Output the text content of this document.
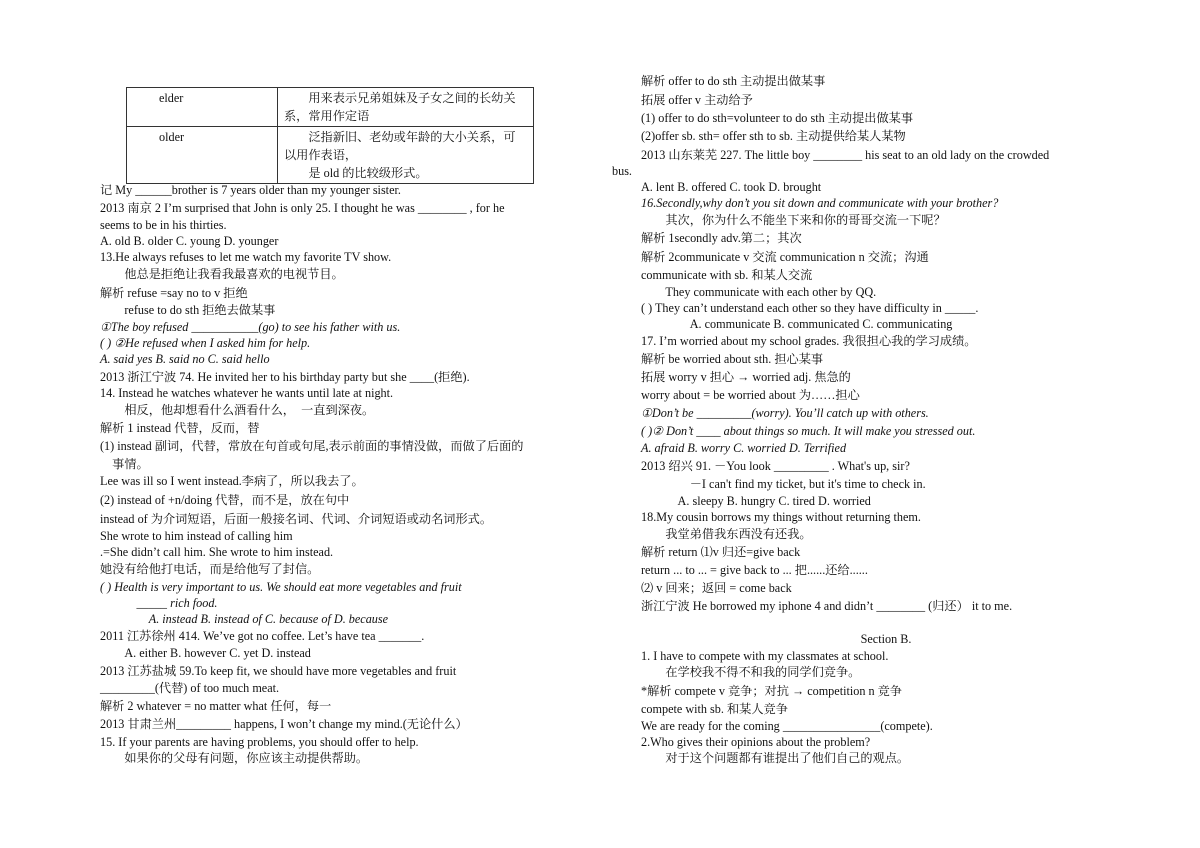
elder	　　用来表示兄弟姐妹及子女之间的长幼关
系，常用作定语

older	　　泛指新旧、老幼或年龄的大小关系，可
以用作表语，
　　是 old 的比较级形式。
记 My ______brother is 7 years older than my younger sister.
2013 南京 2 I’m surprised that John is only 25. I thought he was ________ , for he
seems to be in his thirties.
A. old B. older C. young D. younger
13.He always refuses to let me watch my favorite TV show.
　　他总是拒绝让我看我最喜欢的电视节目。
解析 refuse =say no to v 拒绝
　　refuse to do sth 拒绝去做某事
①The boy refused ___________(go) to see his father with us.
( ) ②He refused when I asked him for help.
A. said yes B. said no C. said hello
2013 浙江宁波 74. He invited her to his birthday party but she ____(拒绝).
14. Instead he watches whatever he wants until late at night.
　　相反，他却想看什么酒看什么，　一直到深夜。
解析 1 instead 代替，反而，替
(1) instead 副词，代替，常放在句首或句尾,表示前面的事情没做，而做了后面的
　事情。
Lee was ill so I went instead.李病了，所以我去了。
(2) instead of +n/doing 代替，而不是，放在句中
instead of 为介词短语，后面一般接名词、代词、介词短语或动名词形式。
She wrote to him instead of calling him
.=She didn’t call him. She wrote to him instead.
她没有给他打电话，而是给他写了封信。
( ) Health is very important to us. We should eat more vegetables and fruit
　　　_____ rich food.
　　　　A. instead B. instead of C. because of D. because
2011 江苏徐州 414. We’ve got no coffee. Let’s have tea _______.
　　A. either B. however C. yet D. instead
2013 江苏盐城 59.To keep fit, we should have more vegetables and fruit
_________(代替) of too much meat.
解析 2 whatever = no matter what 任何，每一
2013 甘肃兰州_________ happens, I won’t change my mind.(无论什么）
15. If your parents are having problems, you should offer to help.
　　如果你的父母有问题，你应该主动提供帮助。
解析 offer to do sth 主动提出做某事
拓展 offer v 主动给予
(1) offer to do sth=volunteer to do sth 主动提出做某事
(2)offer sb. sth= offer sth to sb. 主动提供给某人某物
2013 山东莱芜 227. The little boy ________ his seat to an old lady on the crowded
bus.
A. lent B. offered C. took D. brought
16.Secondly,why don’t you sit down and communicate with your brother?
　　其次，你为什么不能坐下来和你的哥哥交流一下呢？
解析 1secondly adv.第二；其次
解析 2communicate v 交流 communication n 交流；沟通
communicate with sb. 和某人交流
　　They communicate with each other by QQ.
( ) They can’t understand each other so they have difficulty in _____.
　　　　A. communicate B. communicated C. communicating
17. I’m worried about my school grades. 我很担心我的学习成绩。
解析 be worried about sth. 担心某事
拓展 worry v 担心 → worried adj. 焦急的
worry about = be worried about 为……担心
①Don’t be _________(worry). You’ll catch up with others.
( )② Don’t ____ about things so much. It will make you stressed out.
A. afraid B. worry C. worried D. Terrified
2013 绍兴 91. －You look _________ . What's up, sir?
　　　　－I can't find my ticket, but it's time to check in.
　　　A. sleepy B. hungry C. tired D. worried
18.My cousin borrows my things without returning them.
　　我堂弟借我东西没有还我。
解析 return ⑴v 归还=give back
return ... to ... = give back to ... 把......还给......
⑵ v 回来；返回 = come back
浙江宁波 He borrowed my iphone 4 and didn’t ________ (归还） it to me.
Section B.
1. I have to compete with my classmates at school.
　　在学校我不得不和我的同学们竞争。
*解析 compete v 竞争；对抗 → competition n 竞争
compete with sb. 和某人竞争
We are ready for the coming ________________(compete).
2.Who gives their opinions about the problem?
　　对于这个问题都有谁提出了他们自己的观点。
